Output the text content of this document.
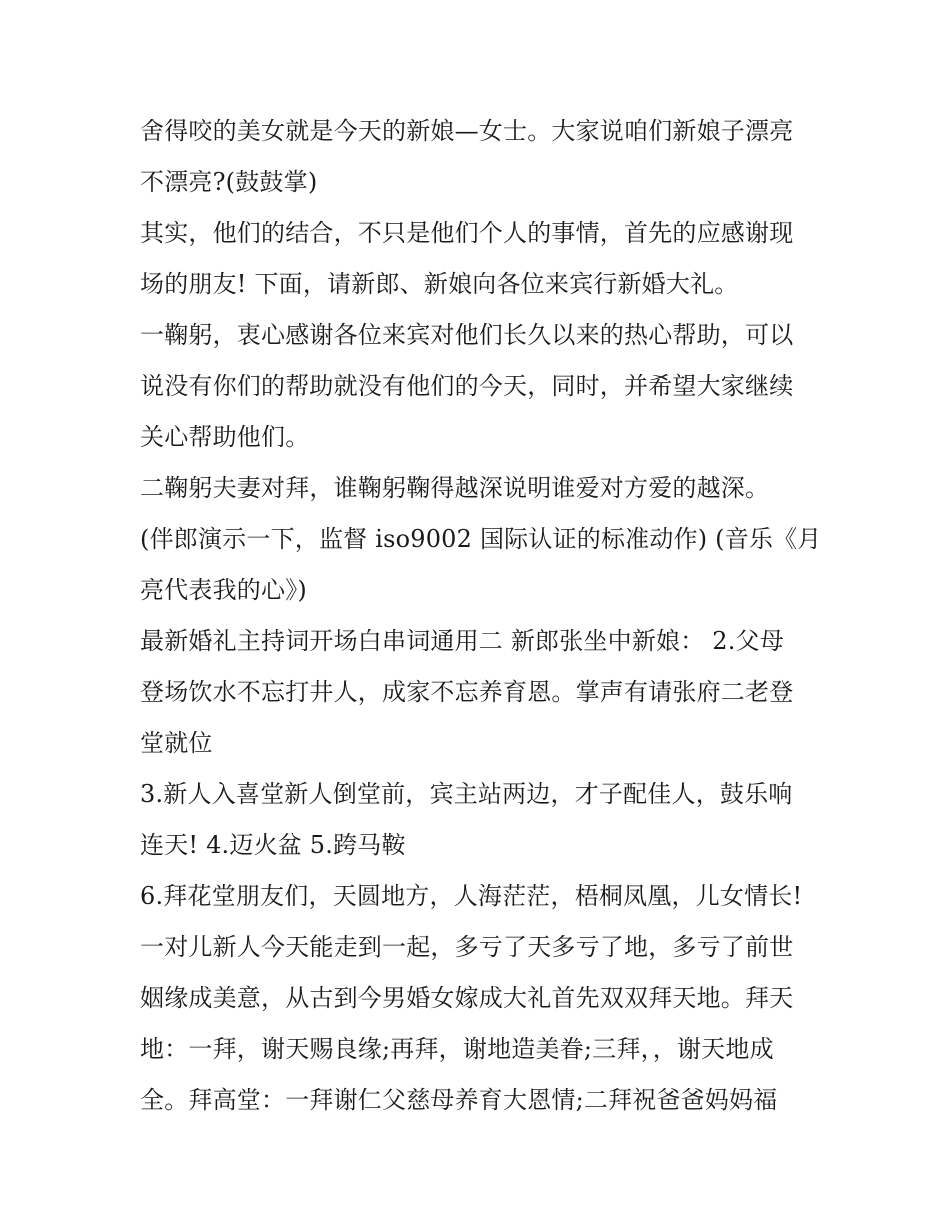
舍得咬的美女就是今天的新娘—女士。大家说咱们新娘子漂亮
不漂亮?(鼓鼓掌)
其实，他们的结合，不只是他们个人的事情，首先的应感谢现
场的朋友! 下面，请新郎、新娘向各位来宾行新婚大礼。
一鞠躬，衷心感谢各位来宾对他们长久以来的热心帮助，可以
说没有你们的帮助就没有他们的今天，同时，并希望大家继续
关心帮助他们。
二鞠躬夫妻对拜，谁鞠躬鞠得越深说明谁爱对方爱的越深。
(伴郎演示一下，监督 iso9002 国际认证的标准动作) (音乐《月
亮代表我的心》)
最新婚礼主持词开场白串词通用二 新郎张坐中新娘： 2.父母
登场饮水不忘打井人，成家不忘养育恩。掌声有请张府二老登
堂就位
3.新人入喜堂新人倒堂前，宾主站两边，才子配佳人，鼓乐响
连天! 4.迈火盆 5.跨马鞍
6.拜花堂朋友们，天圆地方，人海茫茫，梧桐凤凰，儿女情长!
一对儿新人今天能走到一起，多亏了天多亏了地，多亏了前世
姻缘成美意，从古到今男婚女嫁成大礼首先双双拜天地。拜天
地：一拜，谢天赐良缘;再拜，谢地造美眷;三拜，，谢天地成
全。拜高堂：一拜谢仁父慈母养育大恩情;二拜祝爸爸妈妈福
